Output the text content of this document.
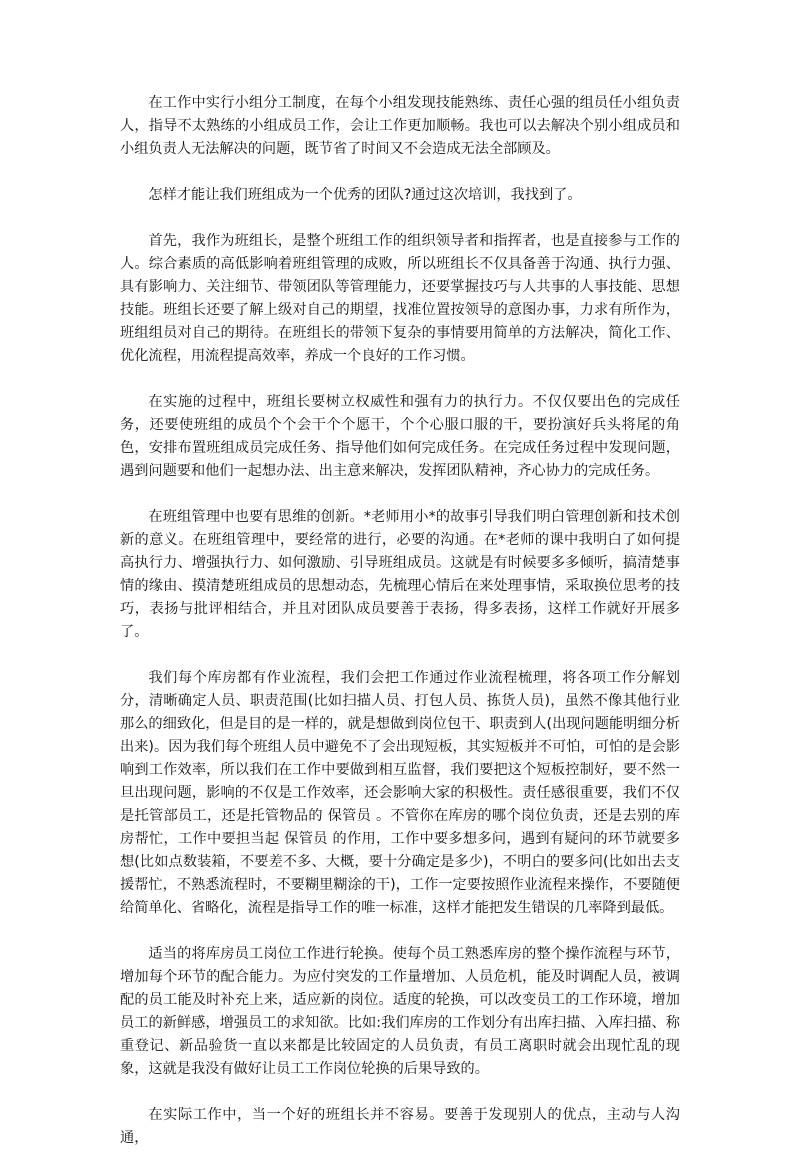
在工作中实行小组分工制度，在每个小组发现技能熟练、责任心强的组员任小组负责人，指导不太熟练的小组成员工作，会让工作更加顺畅。我也可以去解决个别小组成员和小组负责人无法解决的问题，既节省了时间又不会造成无法全部顾及。

怎样才能让我们班组成为一个优秀的团队?通过这次培训，我找到了。

首先，我作为班组长，是整个班组工作的组织领导者和指挥者，也是直接参与工作的人。综合素质的高低影响着班组管理的成败，所以班组长不仅具备善于沟通、执行力强、具有影响力、关注细节、带领团队等管理能力，还要掌握技巧与人共事的人事技能、思想技能。班组长还要了解上级对自己的期望，找准位置按领导的意图办事，力求有所作为，班组组员对自己的期待。在班组长的带领下复杂的事情要用简单的方法解决，简化工作、优化流程，用流程提高效率，养成一个良好的工作习惯。

在实施的过程中，班组长要树立权威性和强有力的执行力。不仅仅要出色的完成任务，还要使班组的成员个个会干个个愿干，个个心服口服的干，要扮演好兵头将尾的角色，安排布置班组成员完成任务、指导他们如何完成任务。在完成任务过程中发现问题，遇到问题要和他们一起想办法、出主意来解决，发挥团队精神，齐心协力的完成任务。

在班组管理中也要有思维的创新。*老师用小*的故事引导我们明白管理创新和技术创新的意义。在班组管理中，要经常的进行，必要的沟通。在*老师的课中我明白了如何提高执行力、增强执行力、如何激励、引导班组成员。这就是有时候要多多倾听，搞清楚事情的缘由、摸清楚班组成员的思想动态，先梳理心情后在来处理事情，采取换位思考的技巧，表扬与批评相结合，并且对团队成员要善于表扬，得多表扬，这样工作就好开展多了。

我们每个库房都有作业流程，我们会把工作通过作业流程梳理，将各项工作分解划分，清晰确定人员、职责范围(比如扫描人员、打包人员、拣货人员)，虽然不像其他行业那么的细致化，但是目的是一样的，就是想做到岗位包干、职责到人(出现问题能明细分析出来)。因为我们每个班组人员中避免不了会出现短板，其实短板并不可怕，可怕的是会影响到工作效率，所以我们在工作中要做到相互监督，我们要把这个短板控制好，要不然一旦出现问题，影响的不仅是工作效率，还会影响大家的积极性。责任感很重要，我们不仅是托管部员工，还是托管物品的 保管员 。不管你在库房的哪个岗位负责，还是去别的库房帮忙，工作中要担当起 保管员 的作用，工作中要多想多问，遇到有疑问的环节就要多想(比如点数装箱，不要差不多、大概，要十分确定是多少)，不明白的要多问(比如出去支援帮忙，不熟悉流程时，不要糊里糊涂的干)，工作一定要按照作业流程来操作，不要随便给简单化、省略化，流程是指导工作的唯一标准，这样才能把发生错误的几率降到最低。

适当的将库房员工岗位工作进行轮换。使每个员工熟悉库房的整个操作流程与环节，增加每个环节的配合能力。为应付突发的工作量增加、人员危机，能及时调配人员，被调配的员工能及时补充上来，适应新的岗位。适度的轮换，可以改变员工的工作环境，增加员工的新鲜感，增强员工的求知欲。比如:我们库房的工作划分有出库扫描、入库扫描、称重登记、新品验货一直以来都是比较固定的人员负责，有员工离职时就会出现忙乱的现象，这就是我没有做好让员工工作岗位轮换的后果导致的。

在实际工作中，当一个好的班组长并不容易。要善于发现别人的优点，主动与人沟通，
